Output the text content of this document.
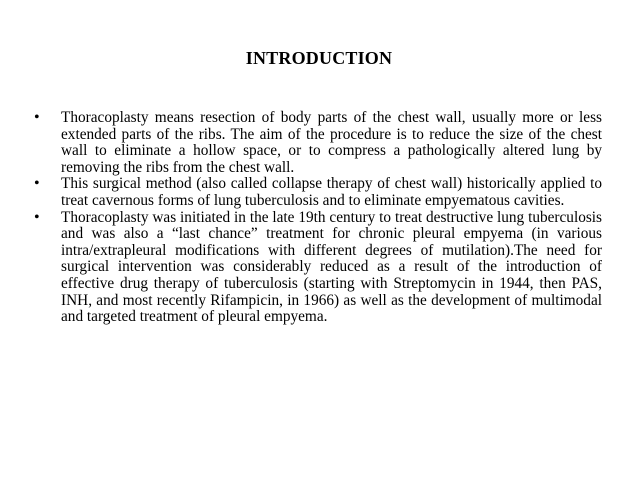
INTRODUCTION
• Thoracoplasty means resection of body parts of the chest wall, usually more or less extended parts of the ribs. The aim of the procedure is to reduce the size of the chest wall to eliminate a hollow space, or to compress a pathologically altered lung by removing the ribs from the chest wall.
• This surgical method (also called collapse therapy of chest wall) historically applied to treat cavernous forms of lung tuberculosis and to eliminate empyematous cavities.
• Thoracoplasty was initiated in the late 19th century to treat destructive lung tuberculosis and was also a “last chance” treatment for chronic pleural empyema (in various intra/extrapleural modifications with different degrees of mutilation).The need for surgical intervention was considerably reduced as a result of the introduction of effective drug therapy of tuberculosis (starting with Streptomycin in 1944, then PAS, INH, and most recently Rifampicin, in 1966) as well as the development of multimodal and targeted treatment of pleural empyema.
